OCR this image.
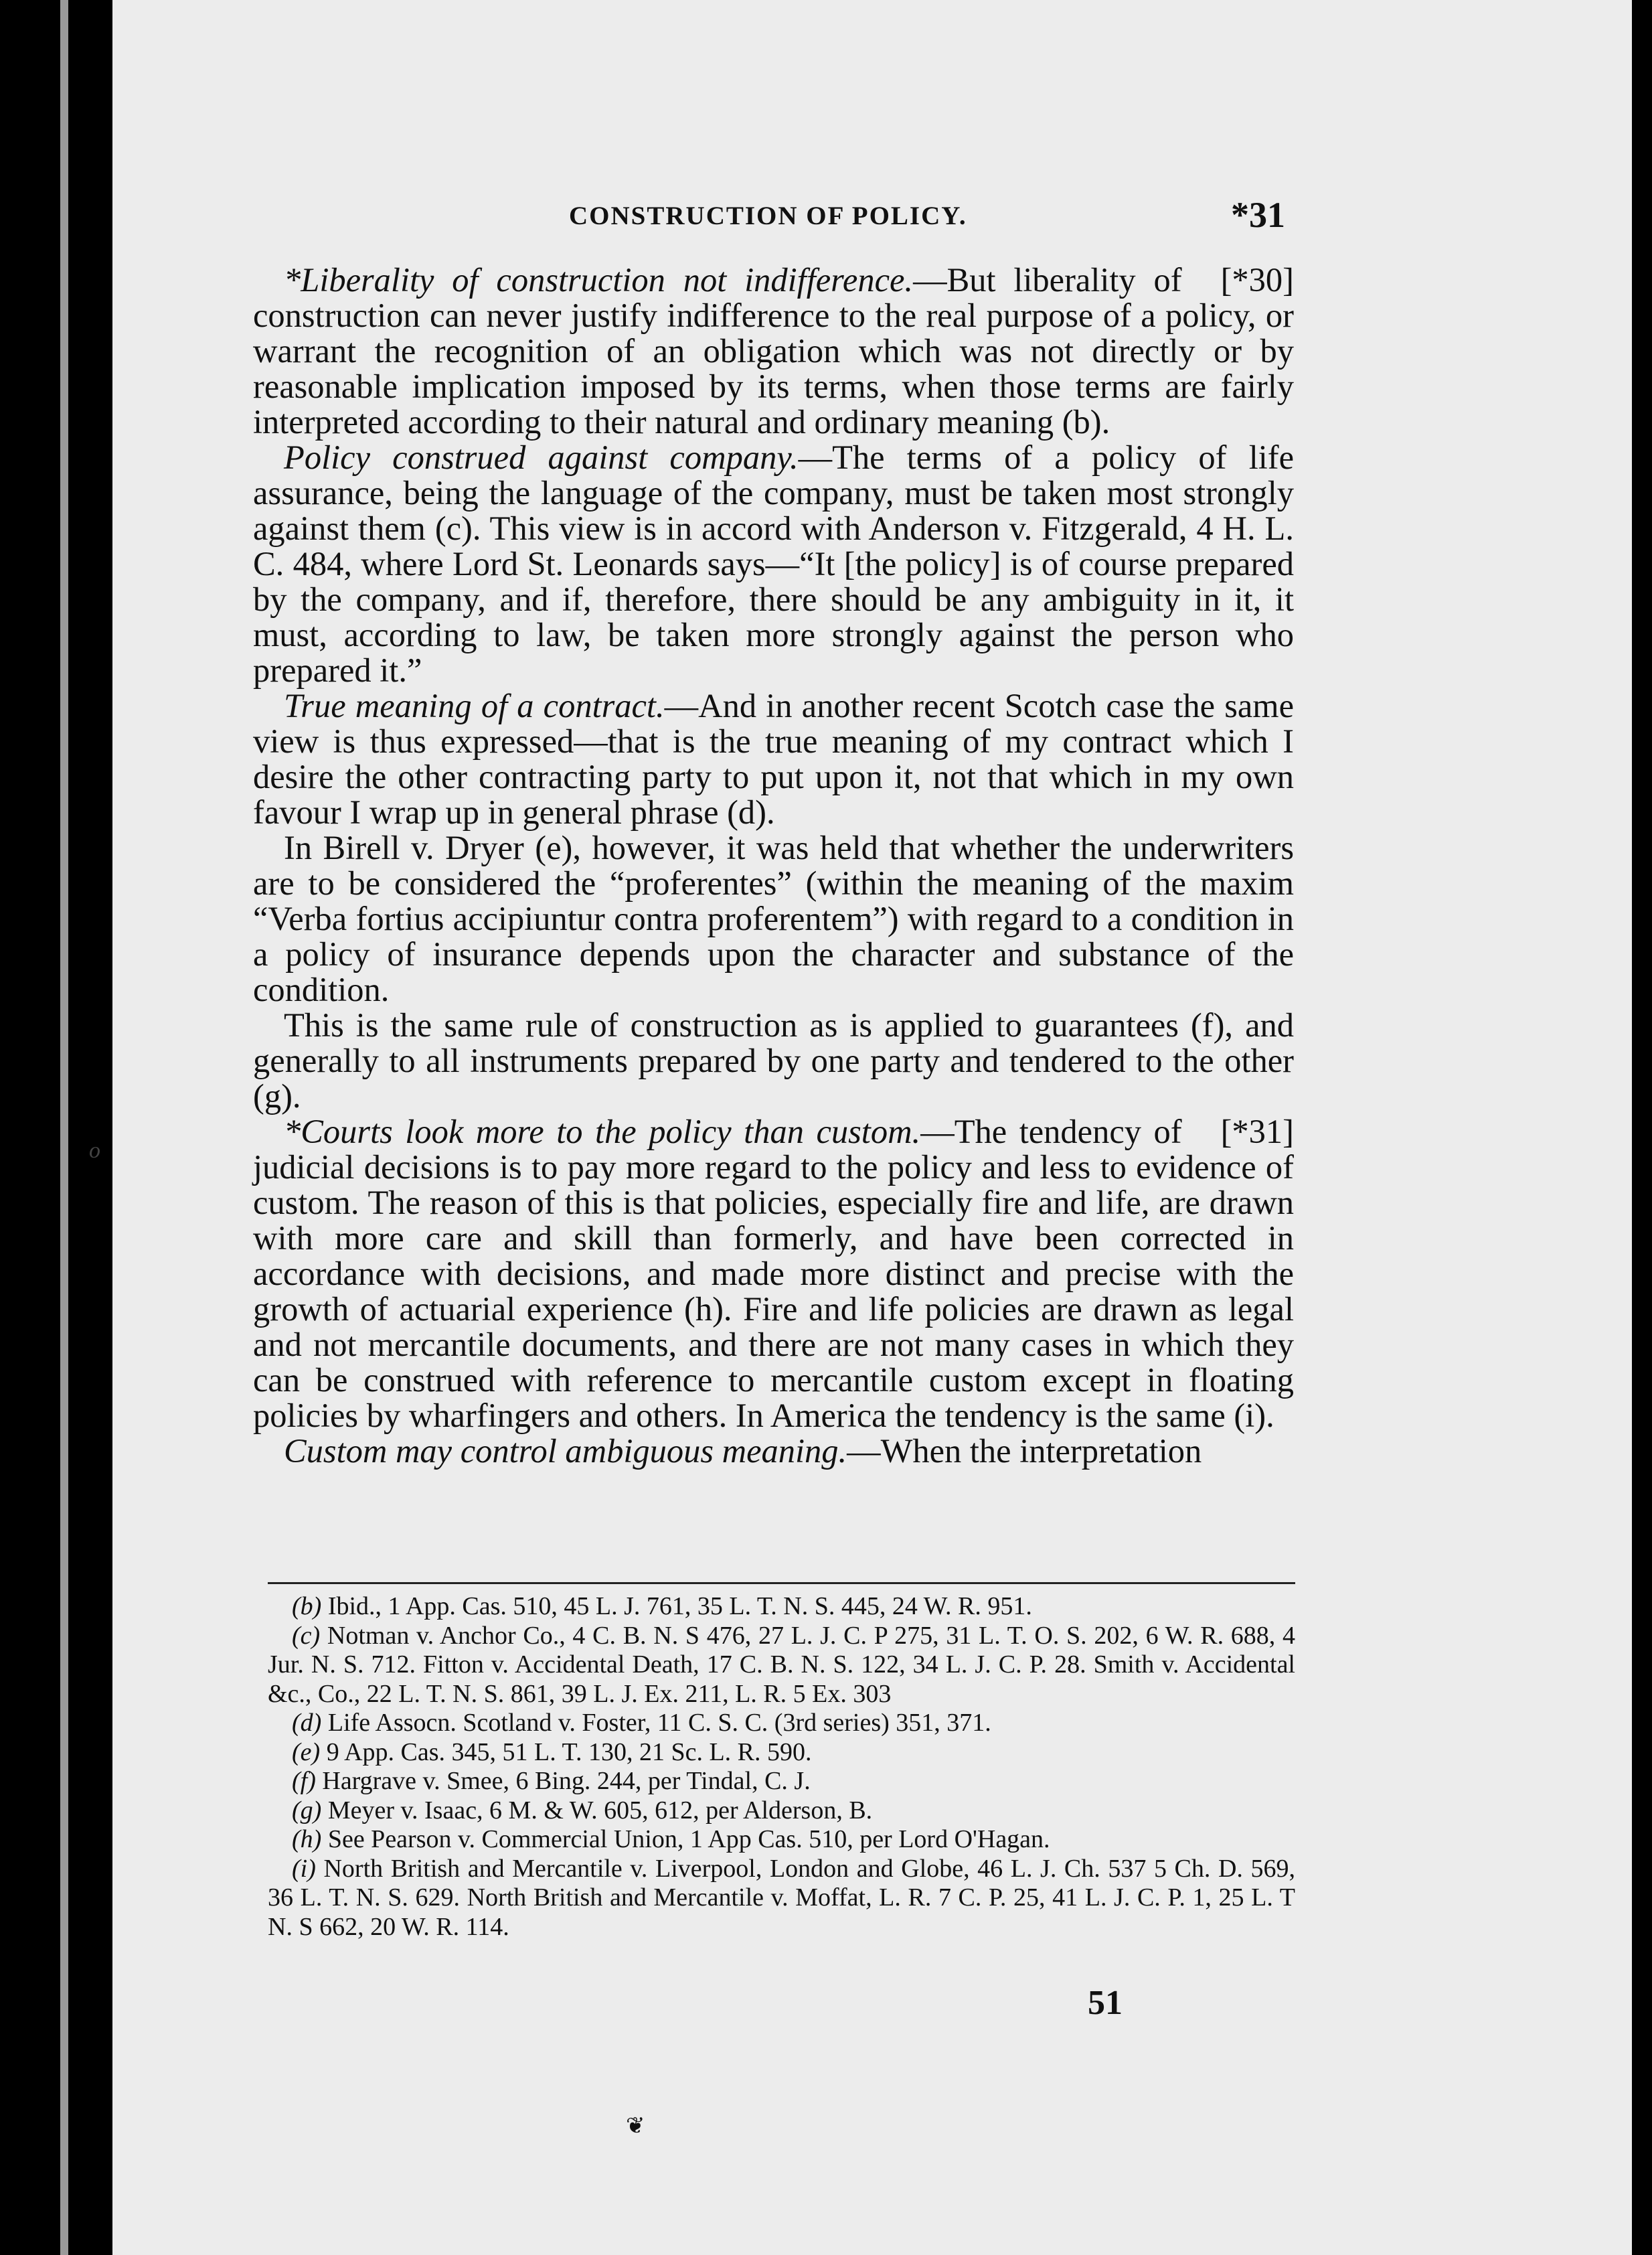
o
CONSTRUCTION OF POLICY.	*31

[*30]
*Liberality of construction not indifference.—But liberality of construction can never justify indifference to the real purpose of a policy, or warrant the recognition of an obligation which was not directly or by reasonable implication imposed by its terms, when those terms are fairly interpreted according to their natural and ordinary meaning (b).

Policy construed against company.—The terms of a policy of life assurance, being the language of the company, must be taken most strongly against them (c). This view is in accord with Anderson v. Fitzgerald, 4 H. L. C. 484, where Lord St. Leonards says—“It [the policy] is of course prepared by the company, and if, therefore, there should be any ambiguity in it, it must, according to law, be taken more strongly against the person who prepared it.”

True meaning of a contract.—And in another recent Scotch case the same view is thus expressed—that is the true meaning of my contract which I desire the other contracting party to put upon it, not that which in my own favour I wrap up in general phrase (d).

In Birell v. Dryer (e), however, it was held that whether the underwriters are to be considered the “proferentes” (within the meaning of the maxim “Verba fortius accipiuntur contra proferentem”) with regard to a condition in a policy of insurance depends upon the character and substance of the condition.

This is the same rule of construction as is applied to guarantees (f), and generally to all instruments prepared by one party and tendered to the other (g).

[*31]
*Courts look more to the policy than custom.—The tendency of judicial decisions is to pay more regard to the policy and less to evidence of custom. The reason of this is that policies, especially fire and life, are drawn with more care and skill than formerly, and have been corrected in accordance with decisions, and made more distinct and precise with the growth of actuarial experience (h). Fire and life policies are drawn as legal and not mercantile documents, and there are not many cases in which they can be construed with reference to mercantile custom except in floating policies by wharfingers and others. In America the tendency is the same (i).

Custom may control ambiguous meaning.—When the interpretation

(b) Ibid., 1 App. Cas. 510, 45 L. J. 761, 35 L. T. N. S. 445, 24 W. R. 951.

(c) Notman v. Anchor Co., 4 C. B. N. S 476, 27 L. J. C. P 275, 31 L. T. O. S. 202, 6 W. R. 688, 4 Jur. N. S. 712. Fitton v. Accidental Death, 17 C. B. N. S. 122, 34 L. J. C. P. 28. Smith v. Accidental &c., Co., 22 L. T. N. S. 861, 39 L. J. Ex. 211, L. R. 5 Ex. 303

(d) Life Assocn. Scotland v. Foster, 11 C. S. C. (3rd series) 351, 371.

(e) 9 App. Cas. 345, 51 L. T. 130, 21 Sc. L. R. 590.

(f) Hargrave v. Smee, 6 Bing. 244, per Tindal, C. J.

(g) Meyer v. Isaac, 6 M. & W. 605, 612, per Alderson, B.

(h) See Pearson v. Commercial Union, 1 App Cas. 510, per Lord O'Hagan.

(i) North British and Mercantile v. Liverpool, London and Globe, 46 L. J. Ch. 537 5 Ch. D. 569, 36 L. T. N. S. 629. North British and Mercantile v. Moffat, L. R. 7 C. P. 25, 41 L. J. C. P. 1, 25 L. T N. S 662, 20 W. R. 114.

51
❦
